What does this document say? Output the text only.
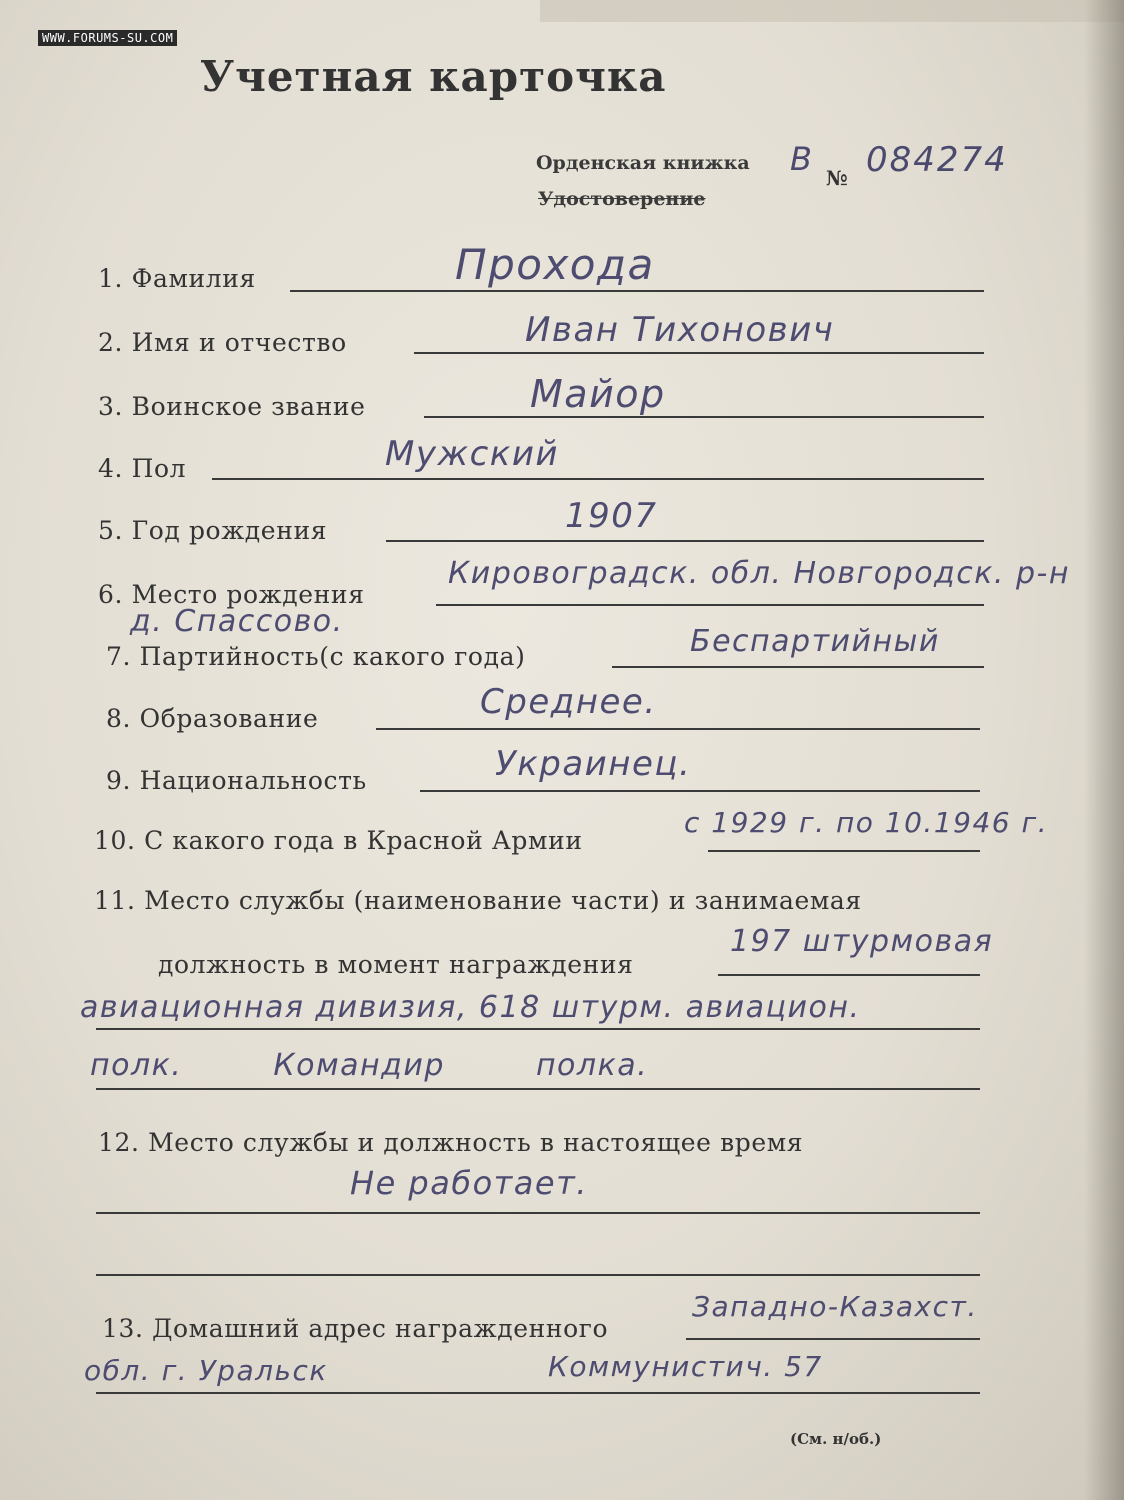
WWW.FORUMS-SU.COM
Учетная карточка
Орденская книжка В № 084274
Удостоверение
1. Фамилия	Проходa
2. Имя и отчество	Иван Тихонович
3. Воинское звание	Майор
4. Пол	Мужский
5. Год рождения	1907
6. Место рождения
Кировоградск. обл. Новгородск. р-н
д. Спассово.
7. Партийность(с какого года)	Беспартийный
8. Образование	Среднее.
9. Национальность	Украинец.
10. С какого года в Красной Армии
с 1929 г. по 10.1946 г.
11. Место службы (наименование части) и занимаемая
должность в момент награждения
197 штурмовая
авиационная дивизия, 618 штурм. авиацион.
полк. Командир полка.
12. Место службы и должность в настоящее время
Не работает.
13. Домашний адрес награжденного
Западно-Казахст.
обл. г. Уральск	Коммунистич. 57
(См. н/об.)
